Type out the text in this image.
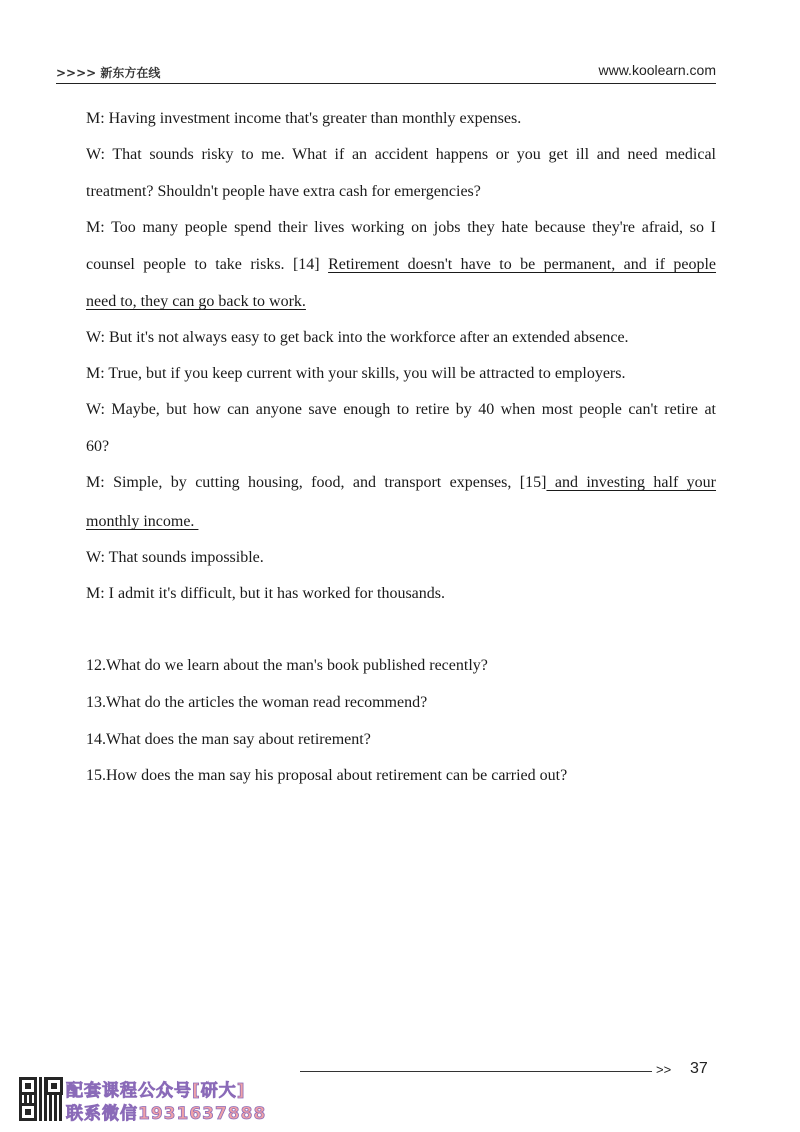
>>>> 新东方在线	www.koolearn.com
M: Having investment income that's greater than monthly expenses.
W: That sounds risky to me. What if an accident happens or you get ill and need medical
treatment? Shouldn't people have extra cash for emergencies?
M: Too many people spend their lives working on jobs they hate because they're afraid, so I
counsel people to take risks. [14] Retirement doesn't have to be permanent, and if people
need to, they can go back to work.
W: But it's not always easy to get back into the workforce after an extended absence.
M: True, but if you keep current with your skills, you will be attracted to employers.
W: Maybe, but how can anyone save enough to retire by 40 when most people can't retire at
60?
M: Simple, by cutting housing, food, and transport expenses, [15] and investing half your
monthly income.
W: That sounds impossible.
M: I admit it's difficult, but it has worked for thousands.
12.What do we learn about the man's book published recently?
13.What do the articles the woman read recommend?
14.What does the man say about retirement?
15.How does the man say his proposal about retirement can be carried out?
>> 37
配套课程公众号[研大]
联系微信1931637888
